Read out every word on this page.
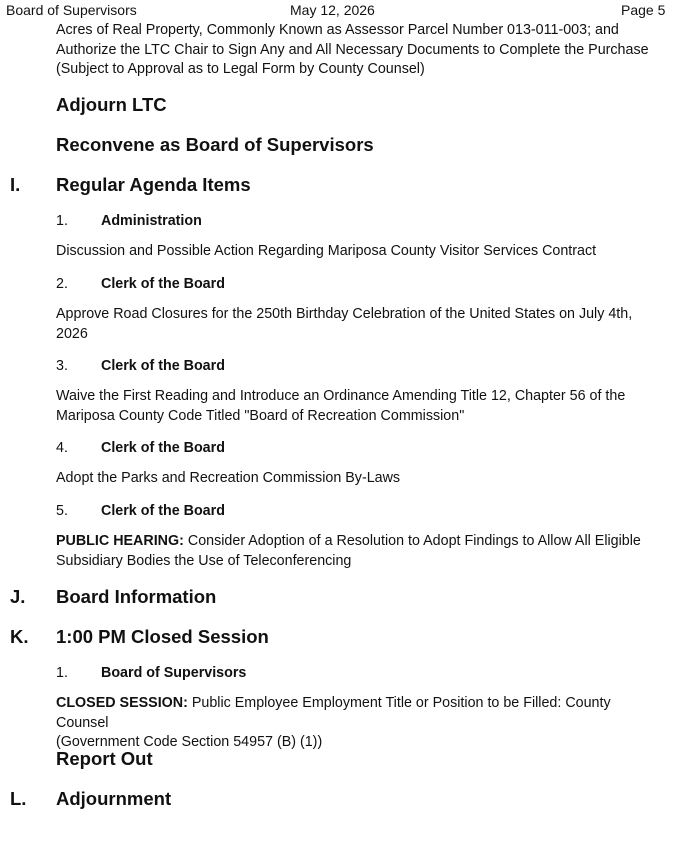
Board of Supervisors	May 12, 2026	Page 5
Acres of Real Property, Commonly Known as Assessor Parcel Number 013-011-003; and
Authorize the LTC Chair to Sign Any and All Necessary Documents to Complete the Purchase
(Subject to Approval as to Legal Form by County Counsel)
Adjourn LTC
Reconvene as Board of Supervisors
I. Regular Agenda Items
1. Administration
Discussion and Possible Action Regarding Mariposa County Visitor Services Contract
2. Clerk of the Board
Approve Road Closures for the 250th Birthday Celebration of the United States on July 4th,
2026
3. Clerk of the Board
Waive the First Reading and Introduce an Ordinance Amending Title 12, Chapter 56 of the
Mariposa County Code Titled "Board of Recreation Commission"
4. Clerk of the Board
Adopt the Parks and Recreation Commission By-Laws
5. Clerk of the Board
PUBLIC HEARING: Consider Adoption of a Resolution to Adopt Findings to Allow All Eligible
Subsidiary Bodies the Use of Teleconferencing
J. Board Information
K. 1:00 PM Closed Session
1. Board of Supervisors
CLOSED SESSION: Public Employee Employment Title or Position to be Filled: County Counsel
(Government Code Section 54957 (B) (1))
Report Out
L. Adjournment
